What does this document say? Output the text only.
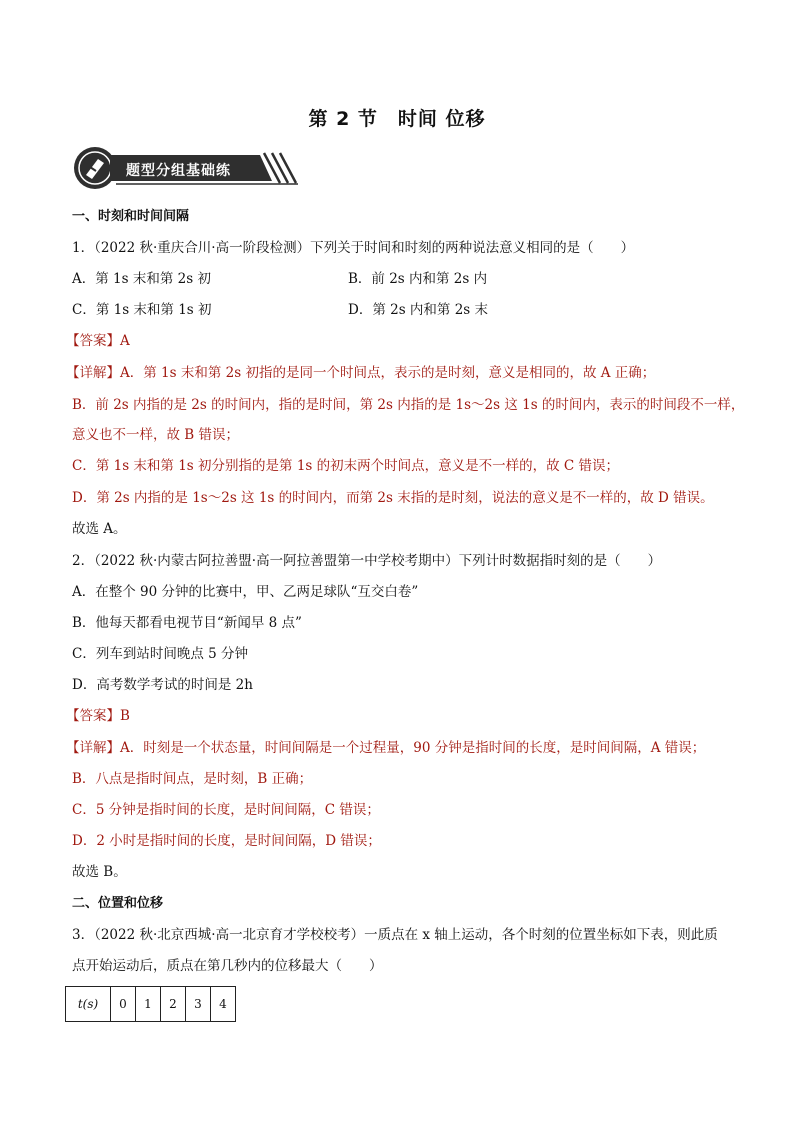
第 2 节　时间 位移
题型分组基础练
一、时刻和时间间隔
1．（2022 秋·重庆合川·高一阶段检测）下列关于时间和时刻的两种说法意义相同的是（　　）
A．第 1s 末和第 2s 初	B．前 2s 内和第 2s 内
C．第 1s 末和第 1s 初	D．第 2s 内和第 2s 末
【答案】A
【详解】A．第 1s 末和第 2s 初指的是同一个时间点，表示的是时刻，意义是相同的，故 A 正确；
B．前 2s 内指的是 2s 的时间内，指的是时间，第 2s 内指的是 1s～2s 这 1s 的时间内，表示的时间段不一样，
意义也不一样，故 B 错误；
C．第 1s 末和第 1s 初分别指的是第 1s 的初末两个时间点，意义是不一样的，故 C 错误；
D．第 2s 内指的是 1s～2s 这 1s 的时间内，而第 2s 末指的是时刻，说法的意义是不一样的，故 D 错误。
故选 A。
2．（2022 秋·内蒙古阿拉善盟·高一阿拉善盟第一中学校考期中）下列计时数据指时刻的是（　　）
A．在整个 90 分钟的比赛中，甲、乙两足球队“互交白卷”
B．他每天都看电视节目“新闻早 8 点”
C．列车到站时间晚点 5 分钟
D．高考数学考试的时间是 2h
【答案】B
【详解】A．时刻是一个状态量，时间间隔是一个过程量，90 分钟是指时间的长度，是时间间隔，A 错误；
B．八点是指时间点，是时刻，B 正确；
C．5 分钟是指时间的长度，是时间间隔，C 错误；
D．2 小时是指时间的长度，是时间间隔，D 错误；
故选 B。
二、位置和位移
3．（2022 秋·北京西城·高一北京育才学校校考）一质点在 x 轴上运动，各个时刻的位置坐标如下表，则此质
点开始运动后，质点在第几秒内的位移最大（　　）
t(s)	0	1	2	3	4
